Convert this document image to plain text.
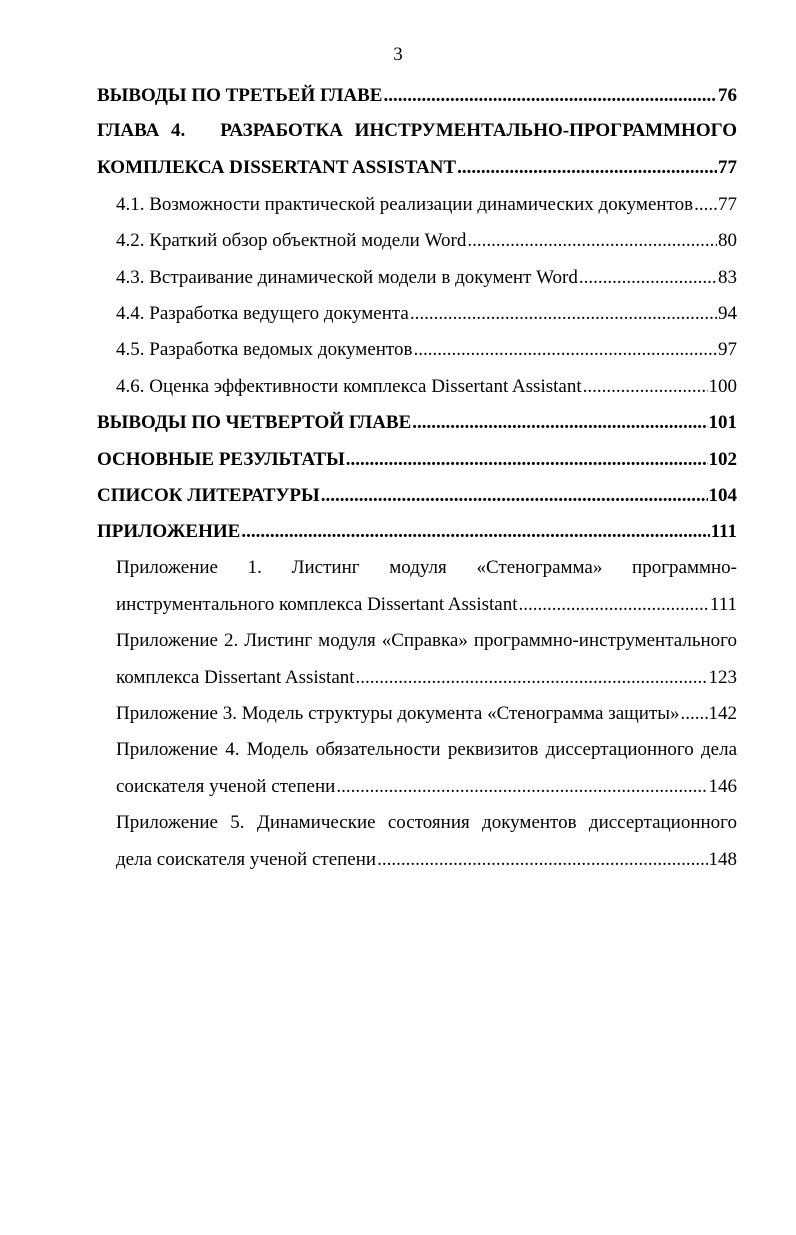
3
ВЫВОДЫ ПО ТРЕТЬЕЙ ГЛАВЕ .....	76
ГЛАВА 4.   РАЗРАБОТКА ИНСТРУМЕНТАЛЬНО-ПРОГРАММНОГО
КОМПЛЕКСА DISSERTANT ASSISTANT .....	77
4.1. Возможности практической реализации динамических документов ..... 77
4.2. Краткий обзор объектной модели Word .....	80
4.3. Встраивание динамической модели в документ Word .....	83
4.4. Разработка ведущего документа .....	94
4.5. Разработка ведомых документов .....	97
4.6. Оценка эффективности комплекса Dissertant Assistant .....	100
ВЫВОДЫ ПО ЧЕТВЕРТОЙ ГЛАВЕ .....	101
ОСНОВНЫЕ РЕЗУЛЬТАТЫ .....	102
СПИСОК ЛИТЕРАТУРЫ .....	104
ПРИЛОЖЕНИЕ .....	111
Приложение 1. Листинг модуля «Стенограмма» программно-
инструментального комплекса Dissertant Assistant .....	111
Приложение 2. Листинг модуля «Справка» программно-инструментального
комплекса Dissertant Assistant .....	123
Приложение 3. Модель структуры документа «Стенограмма защиты» ..... 142
Приложение 4. Модель обязательности реквизитов диссертационного дела
соискателя ученой степени .....	146
Приложение 5. Динамические состояния документов диссертационного
дела соискателя ученой степени .....	148
